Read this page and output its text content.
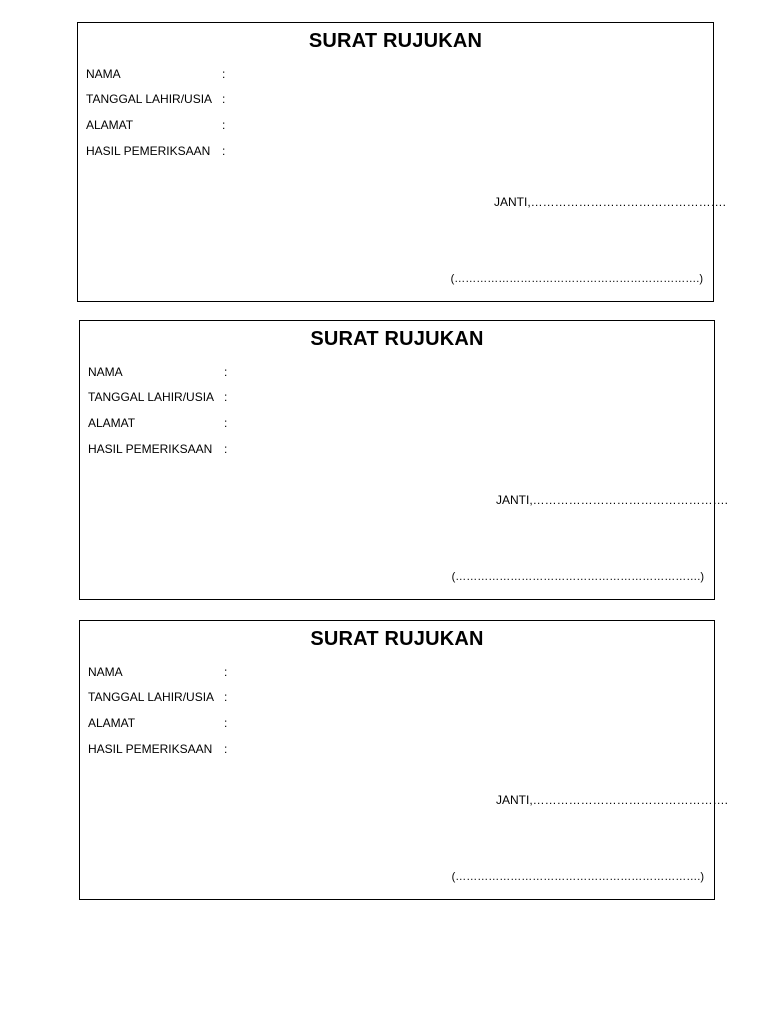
SURAT RUJUKAN
NAMA	:
TANGGAL LAHIR/USIA :
ALAMAT	:
HASIL PEMERIKSAAN :
JANTI,………………………………………….
(………………………………………………………….)
SURAT RUJUKAN
NAMA	:
TANGGAL LAHIR/USIA :
ALAMAT	:
HASIL PEMERIKSAAN :
JANTI,………………………………………….
(………………………………………………………….)
SURAT RUJUKAN
NAMA	:
TANGGAL LAHIR/USIA :
ALAMAT	:
HASIL PEMERIKSAAN :
JANTI,………………………………………….
(………………………………………………………….)
